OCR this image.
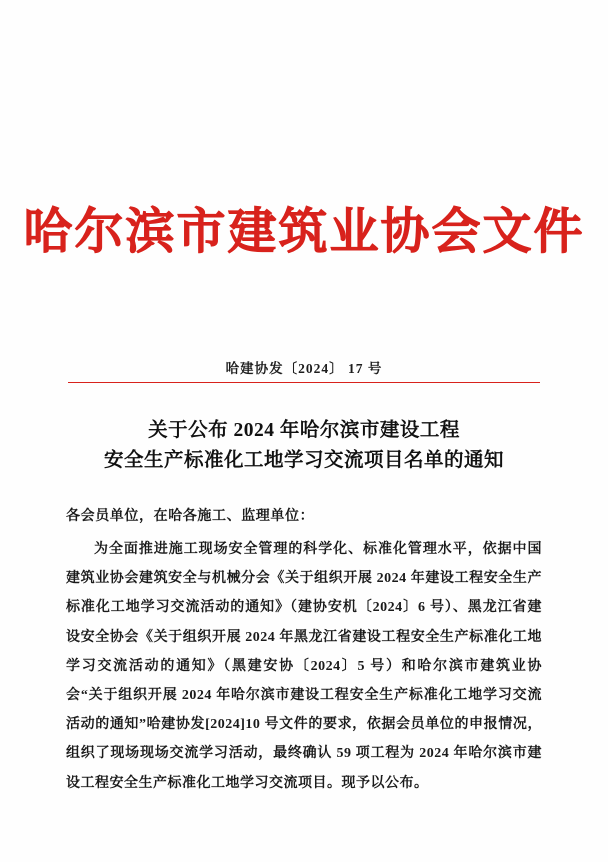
哈尔滨市建筑业协会文件
哈建协发〔2024〕 17 号
关于公布 2024 年哈尔滨市建设工程
安全生产标准化工地学习交流项目名单的通知
各会员单位，在哈各施工、监理单位：

为全面推进施工现场安全管理的科学化、标准化管理水平，依据中国建筑业协会建筑安全与机械分会《关于组织开展 2024 年建设工程安全生产标准化工地学习交流活动的通知》（建协安机〔2024〕6 号）、黑龙江省建设安全协会《关于组织开展 2024 年黑龙江省建设工程安全生产标准化工地学习交流活动的通知》（黑建安协〔2024〕5 号）和哈尔滨市建筑业协会“关于组织开展 2024 年哈尔滨市建设工程安全生产标准化工地学习交流活动的通知”哈建协发[2024]10 号文件的要求，依据会员单位的申报情况，组织了现场现场交流学习活动，最终确认 59 项工程为 2024 年哈尔滨市建设工程安全生产标准化工地学习交流项目。现予以公布。
